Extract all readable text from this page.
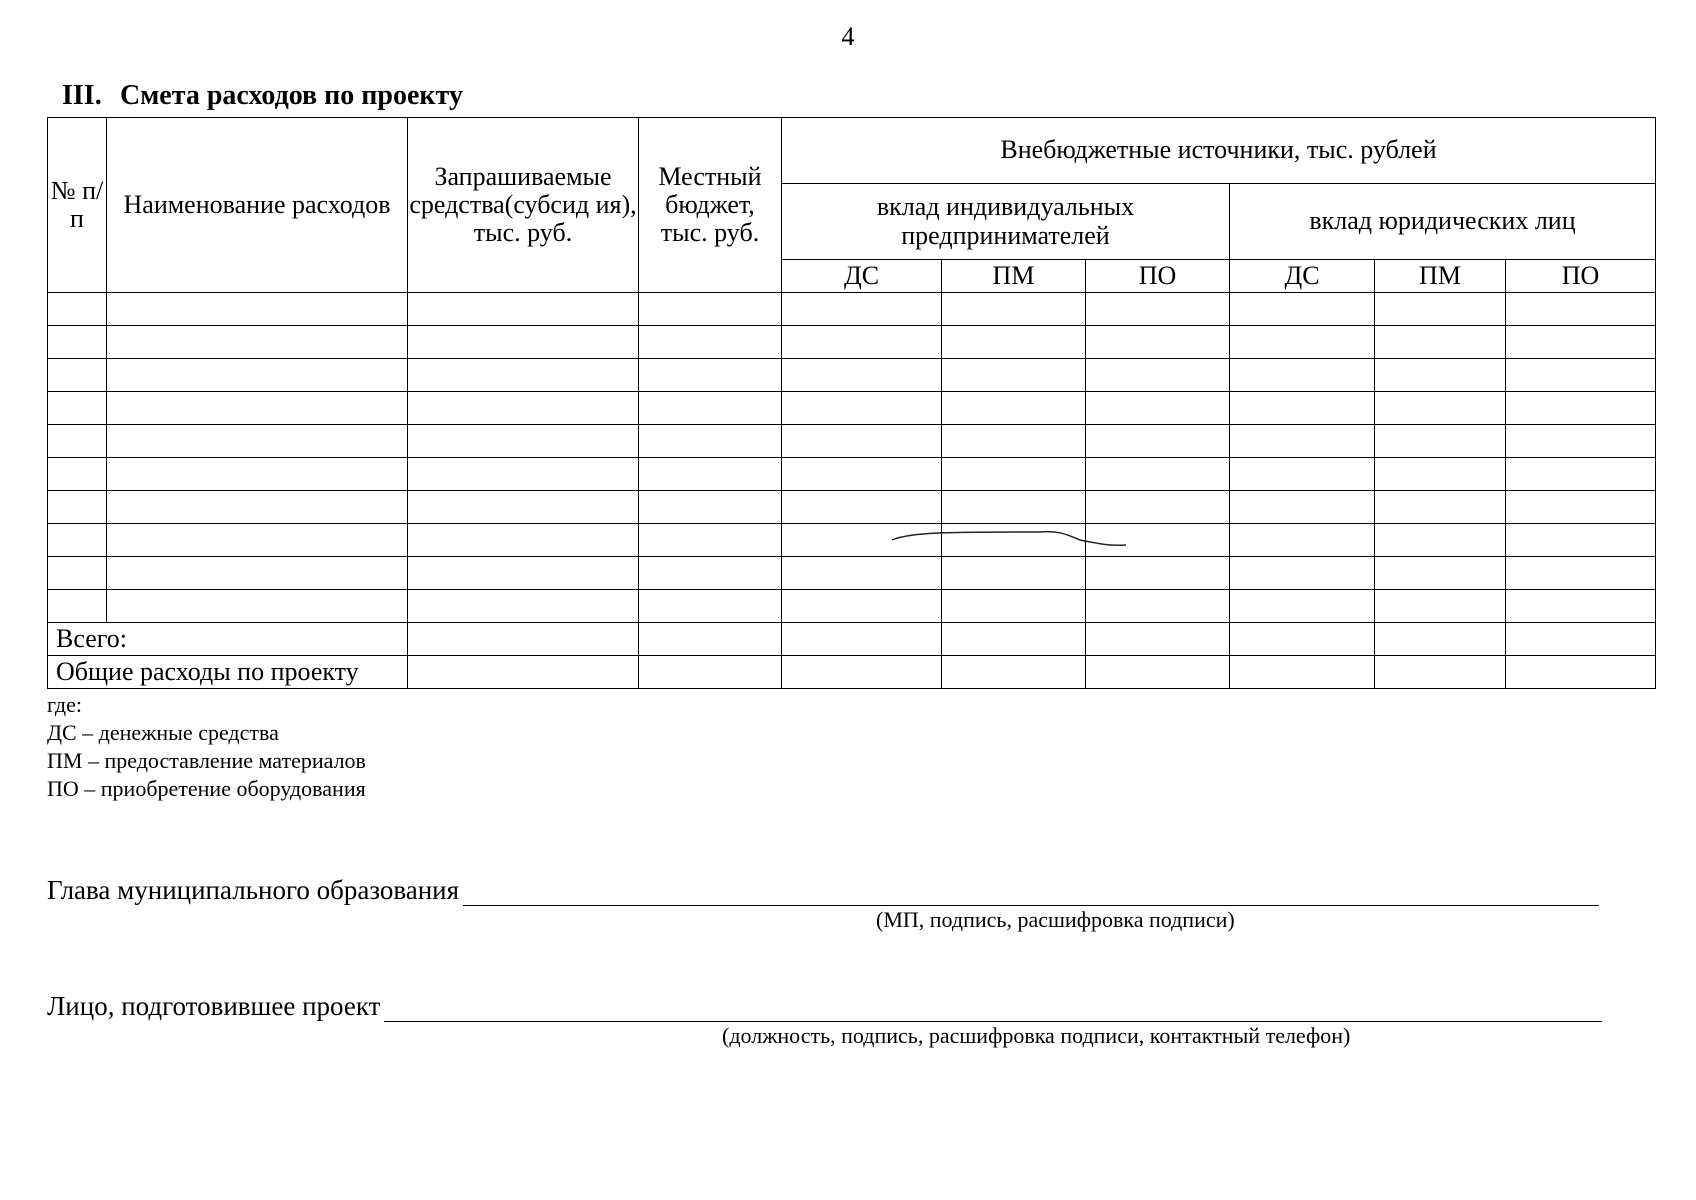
4
III. Смета расходов по проекту
№ п/ п	Наименование расходов	Запрашиваемые средства(субсид ия), тыс. руб.	Местный бюджет, тыс. руб.	Внебюджетные источники, тыс. рублей					
				вклад индивидуальных предпринимателей			вклад юридических лиц		
				ДС	ПМ	ПО	ДС	ПМ	ПО

Всего:									
Общие расходы по проекту									
где:
ДС – денежные средства
ПМ – предоставление материалов
ПО – приобретение оборудования
Глава муниципального образования
(МП, подпись, расшифровка подписи)
Лицо, подготовившее проект
(должность, подпись, расшифровка подписи, контактный телефон)
